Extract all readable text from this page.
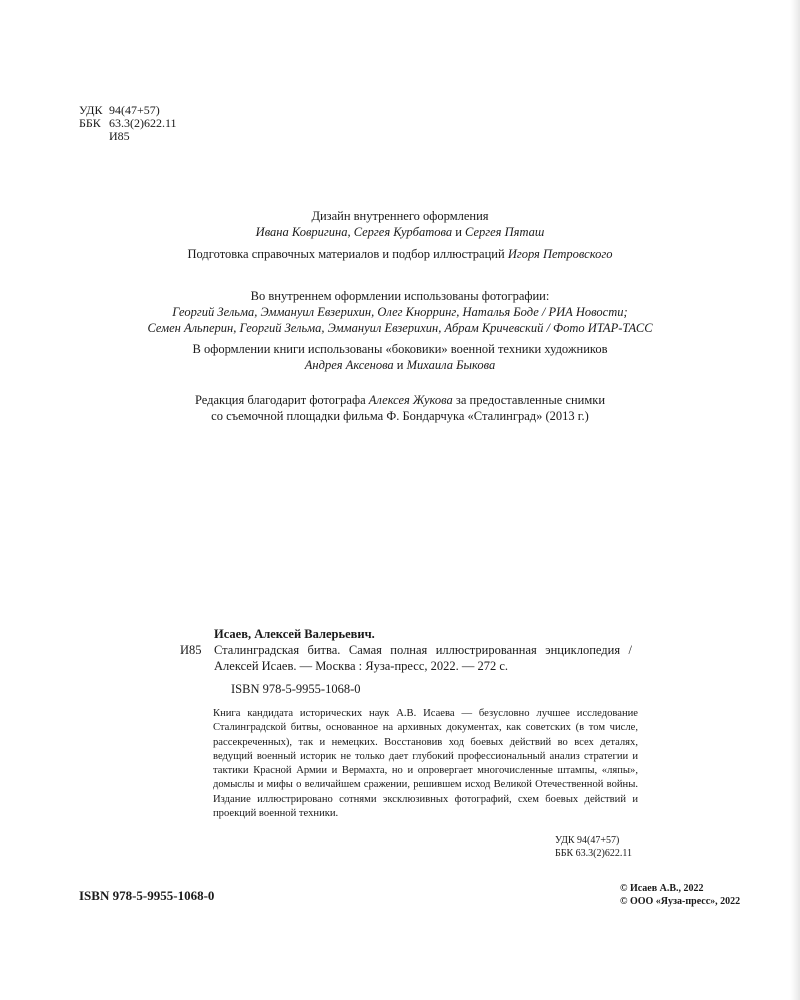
УДК 94(47+57)
ББК 63.3(2)622.11
И85
Дизайн внутреннего оформления
Ивана Ковригина, Сергея Курбатова и Сергея Пяташ
Подготовка справочных материалов и подбор иллюстраций Игоря Петровского
Во внутреннем оформлении использованы фотографии:
Георгий Зельма, Эммануил Евзерихин, Олег Кнорринг, Наталья Боде / РИА Новости;
Семен Альперин, Георгий Зельма, Эммануил Евзерихин, Абрам Кричевский / Фото ИТАР-ТАСС
В оформлении книги использованы «боковики» военной техники художников
Андрея Аксенова и Михаила Быкова
Редакция благодарит фотографа Алексея Жукова за предоставленные снимки
со съемочной площадки фильма Ф. Бондарчука «Сталинград» (2013 г.)
Исаев, Алексей Валерьевич.
И85 Сталинградская битва. Самая полная иллюстрированная энциклопедия / Алексей Исаев. — Москва : Яуза-пресс, 2022. — 272 с.
ISBN 978-5-9955-1068-0
Книга кандидата исторических наук А.В. Исаева — безусловно лучшее исследование Сталинградской битвы, основанное на архивных документах, как советских (в том числе, рассекреченных), так и немецких. Восстановив ход боевых действий во всех деталях, ведущий военный историк не только дает глубокий профессиональный анализ стратегии и тактики Красной Армии и Вермахта, но и опровергает многочисленные штампы, «ляпы», домыслы и мифы о величайшем сражении, решившем исход Великой Отечественной войны. Издание иллюстрировано сотнями эксклюзивных фотографий, схем боевых действий и проекций военной техники.
УДК 94(47+57)
ББК 63.3(2)622.11
ISBN 978-5-9955-1068-0	© Исаев А.В., 2022
© ООО «Яуза-пресс», 2022
